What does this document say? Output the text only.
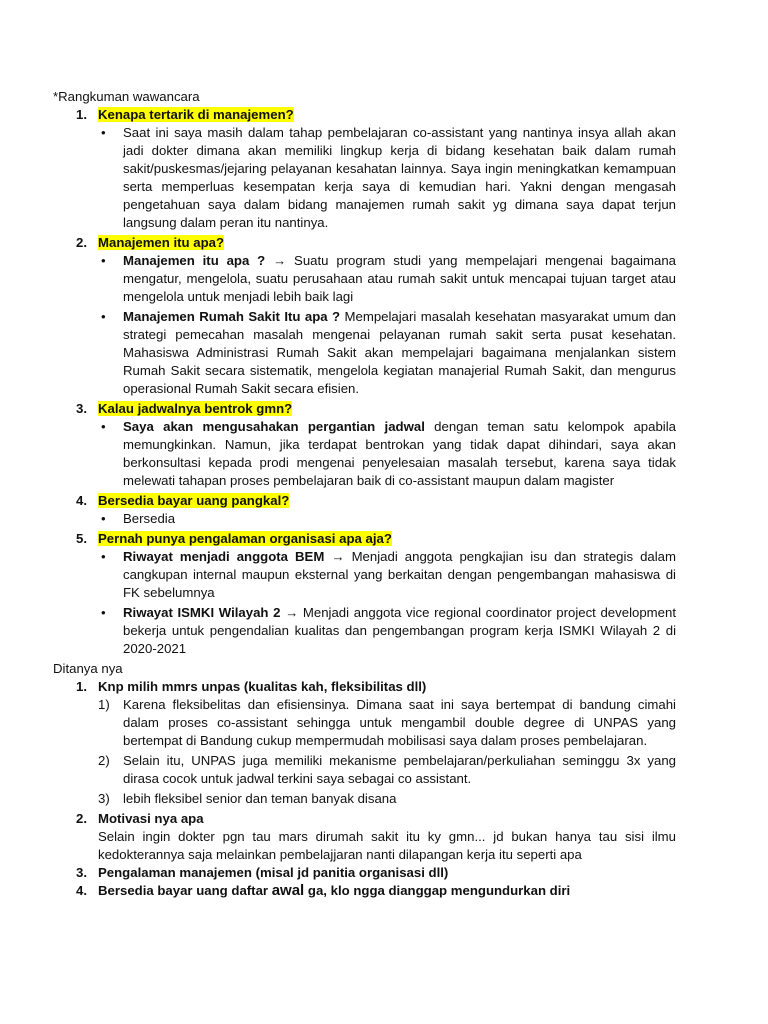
*Rangkuman wawancara

1. Kenapa tertarik di manajemen?
• Saat ini saya masih dalam tahap pembelajaran co-assistant yang nantinya insya allah akan jadi dokter dimana akan memiliki lingkup kerja di bidang kesehatan baik dalam rumah sakit/puskesmas/jejaring pelayanan kesahatan lainnya. Saya ingin meningkatkan kemampuan serta memperluas kesempatan kerja saya di kemudian hari. Yakni dengan mengasah pengetahuan saya dalam bidang manajemen rumah sakit yg dimana saya dapat terjun langsung dalam peran itu nantinya.
2. Manajemen itu apa?
• Manajemen itu apa ? → Suatu program studi yang mempelajari mengenai bagaimana mengatur, mengelola, suatu perusahaan atau rumah sakit untuk mencapai tujuan target atau mengelola untuk menjadi lebih baik lagi
• Manajemen Rumah Sakit Itu apa ? Mempelajari masalah kesehatan masyarakat umum dan strategi pemecahan masalah mengenai pelayanan rumah sakit serta pusat kesehatan. Mahasiswa Administrasi Rumah Sakit akan mempelajari bagaimana menjalankan sistem Rumah Sakit secara sistematik, mengelola kegiatan manajerial Rumah Sakit, dan mengurus operasional Rumah Sakit secara efisien.
3. Kalau jadwalnya bentrok gmn?
• Saya akan mengusahakan pergantian jadwal dengan teman satu kelompok apabila memungkinkan. Namun, jika terdapat bentrokan yang tidak dapat dihindari, saya akan berkonsultasi kepada prodi mengenai penyelesaian masalah tersebut, karena saya tidak melewati tahapan proses pembelajaran baik di co-assistant maupun dalam magister
4. Bersedia bayar uang pangkal?
• Bersedia
5. Pernah punya pengalaman organisasi apa aja?
• Riwayat menjadi anggota BEM → Menjadi anggota pengkajian isu dan strategis dalam cangkupan internal maupun eksternal yang berkaitan dengan pengembangan mahasiswa di FK sebelumnya
• Riwayat ISMKI Wilayah 2 → Menjadi anggota vice regional coordinator project development bekerja untuk pengendalian kualitas dan pengembangan program kerja ISMKI Wilayah 2 di 2020-2021

Ditanya nya

1. Knp milih mmrs unpas (kualitas kah, fleksibilitas dll)
1) Karena fleksibelitas dan efisiensinya. Dimana saat ini saya bertempat di bandung cimahi dalam proses co-assistant sehingga untuk mengambil double degree di UNPAS yang bertempat di Bandung cukup mempermudah mobilisasi saya dalam proses pembelajaran.
2) Selain itu, UNPAS juga memiliki mekanisme pembelajaran/perkuliahan seminggu 3x yang dirasa cocok untuk jadwal terkini saya sebagai co assistant.
3) lebih fleksibel senior dan teman banyak disana
2. Motivasi nya apa
Selain ingin dokter pgn tau mars dirumah sakit itu ky gmn... jd bukan hanya tau sisi ilmu kedokterannya saja melainkan pembelajjaran nanti dilapangan kerja itu seperti apa
3. Pengalaman manajemen (misal jd panitia organisasi dll)
4. Bersedia bayar uang daftar awal ga, klo ngga dianggap mengundurkan diri
